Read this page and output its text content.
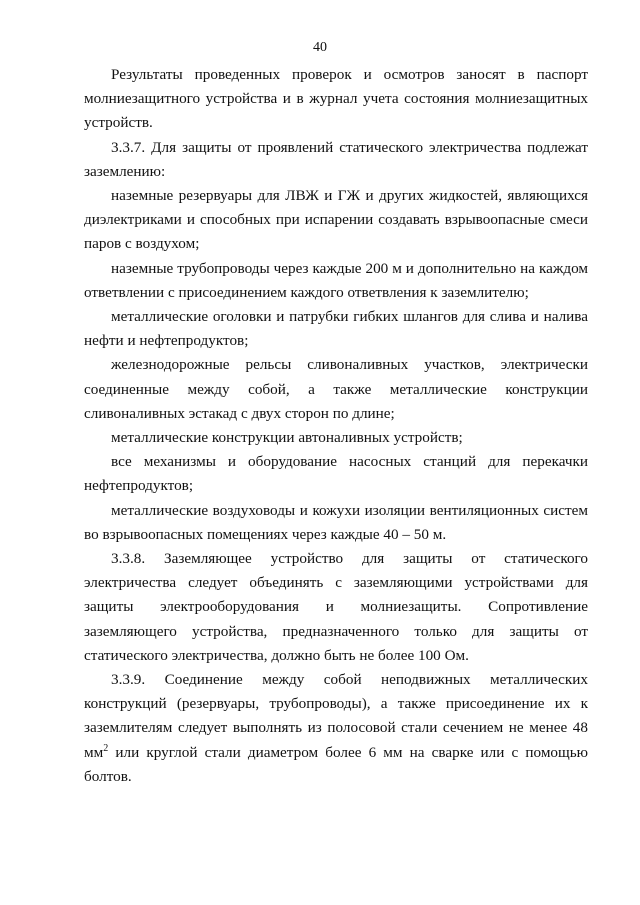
40

Результаты проведенных проверок и осмотров заносят в паспорт молниезащитного устройства и в журнал учета состояния молниезащитных устройств.

3.3.7. Для защиты от проявлений статического электричества подлежат заземлению:

наземные резервуары для ЛВЖ и ГЖ и других жидкостей, являющихся диэлектриками и способных при испарении создавать взрывоопасные смеси паров с воздухом;

наземные трубопроводы через каждые 200 м и дополнительно на каждом ответвлении с присоединением каждого ответвления к заземлителю;

металлические оголовки и патрубки гибких шлангов для слива и налива нефти и нефтепродуктов;

железнодорожные рельсы сливоналивных участков, электрически соединенные между собой, а также металлические конструкции сливоналивных эстакад с двух сторон по длине;

металлические конструкции автоналивных устройств;

все механизмы и оборудование насосных станций для перекачки нефтепродуктов;

металлические воздуховоды и кожухи изоляции вентиляционных систем во взрывоопасных помещениях через каждые 40 – 50 м.

3.3.8. Заземляющее устройство для защиты от статического электричества следует объединять с заземляющими устройствами для защиты электрооборудования и молниезащиты. Сопротивление заземляющего устройства, предназначенного только для защиты от статического электричества, должно быть не более 100 Ом.

3.3.9. Соединение между собой неподвижных металлических конструкций (резервуары, трубопроводы), а также присоединение их к заземлителям следует выполнять из полосовой стали сечением не менее 48 $мм^2$ или круглой стали диаметром более 6 мм на сварке или с помощью болтов.
